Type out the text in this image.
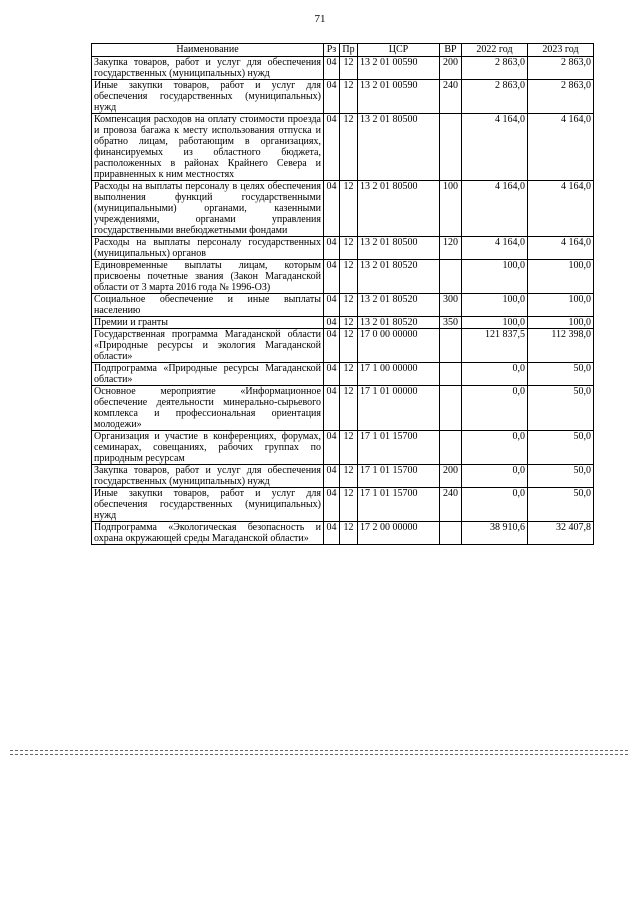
71
Наименование	Рз	Пр	ЦСР	ВР	2022 год	2023 год
Закупка товаров, работ и услуг для обеспечения государственных (муниципальных) нужд	04	12	13 2 01 00590	200	2 863,0	2 863,0
Иные закупки товаров, работ и услуг для обеспечения государственных (муниципальных) нужд	04	12	13 2 01 00590	240	2 863,0	2 863,0
Компенсация расходов на оплату стоимости проезда и провоза багажа к месту использования отпуска и обратно лицам, работающим в организациях, финансируемых из областного бюджета, расположенных в районах Крайнего Севера и приравненных к ним местностях	04	12	13 2 01 80500		4 164,0	4 164,0
Расходы на выплаты персоналу в целях обеспечения выполнения функций государственными (муниципальными) органами, казенными учреждениями, органами управления государственными внебюджетными фондами	04	12	13 2 01 80500	100	4 164,0	4 164,0
Расходы на выплаты персоналу государственных (муниципальных) органов	04	12	13 2 01 80500	120	4 164,0	4 164,0
Единовременные выплаты лицам, которым присвоены почетные звания (Закон Магаданской области от 3 марта 2016 года № 1996-ОЗ)	04	12	13 2 01 80520		100,0	100,0
Социальное обеспечение и иные выплаты населению	04	12	13 2 01 80520	300	100,0	100,0
Премии и гранты	04	12	13 2 01 80520	350	100,0	100,0
Государственная программа Магаданской области «Природные ресурсы и экология Магаданской области»	04	12	17 0 00 00000		121 837,5	112 398,0
Подпрограмма «Природные ресурсы Магаданской области»	04	12	17 1 00 00000		0,0	50,0
Основное мероприятие «Информационное обеспечение деятельности минерально-сырьевого комплекса и профессиональная ориентация молодежи»	04	12	17 1 01 00000		0,0	50,0
Организация и участие в конференциях, форумах, семинарах, совещаниях, рабочих группах по природным ресурсам	04	12	17 1 01 15700		0,0	50,0
Закупка товаров, работ и услуг для обеспечения государственных (муниципальных) нужд	04	12	17 1 01 15700	200	0,0	50,0
Иные закупки товаров, работ и услуг для обеспечения государственных (муниципальных) нужд	04	12	17 1 01 15700	240	0,0	50,0
Подпрограмма «Экологическая безопасность и охрана окружающей среды Магаданской области»	04	12	17 2 00 00000		38 910,6	32 407,8
